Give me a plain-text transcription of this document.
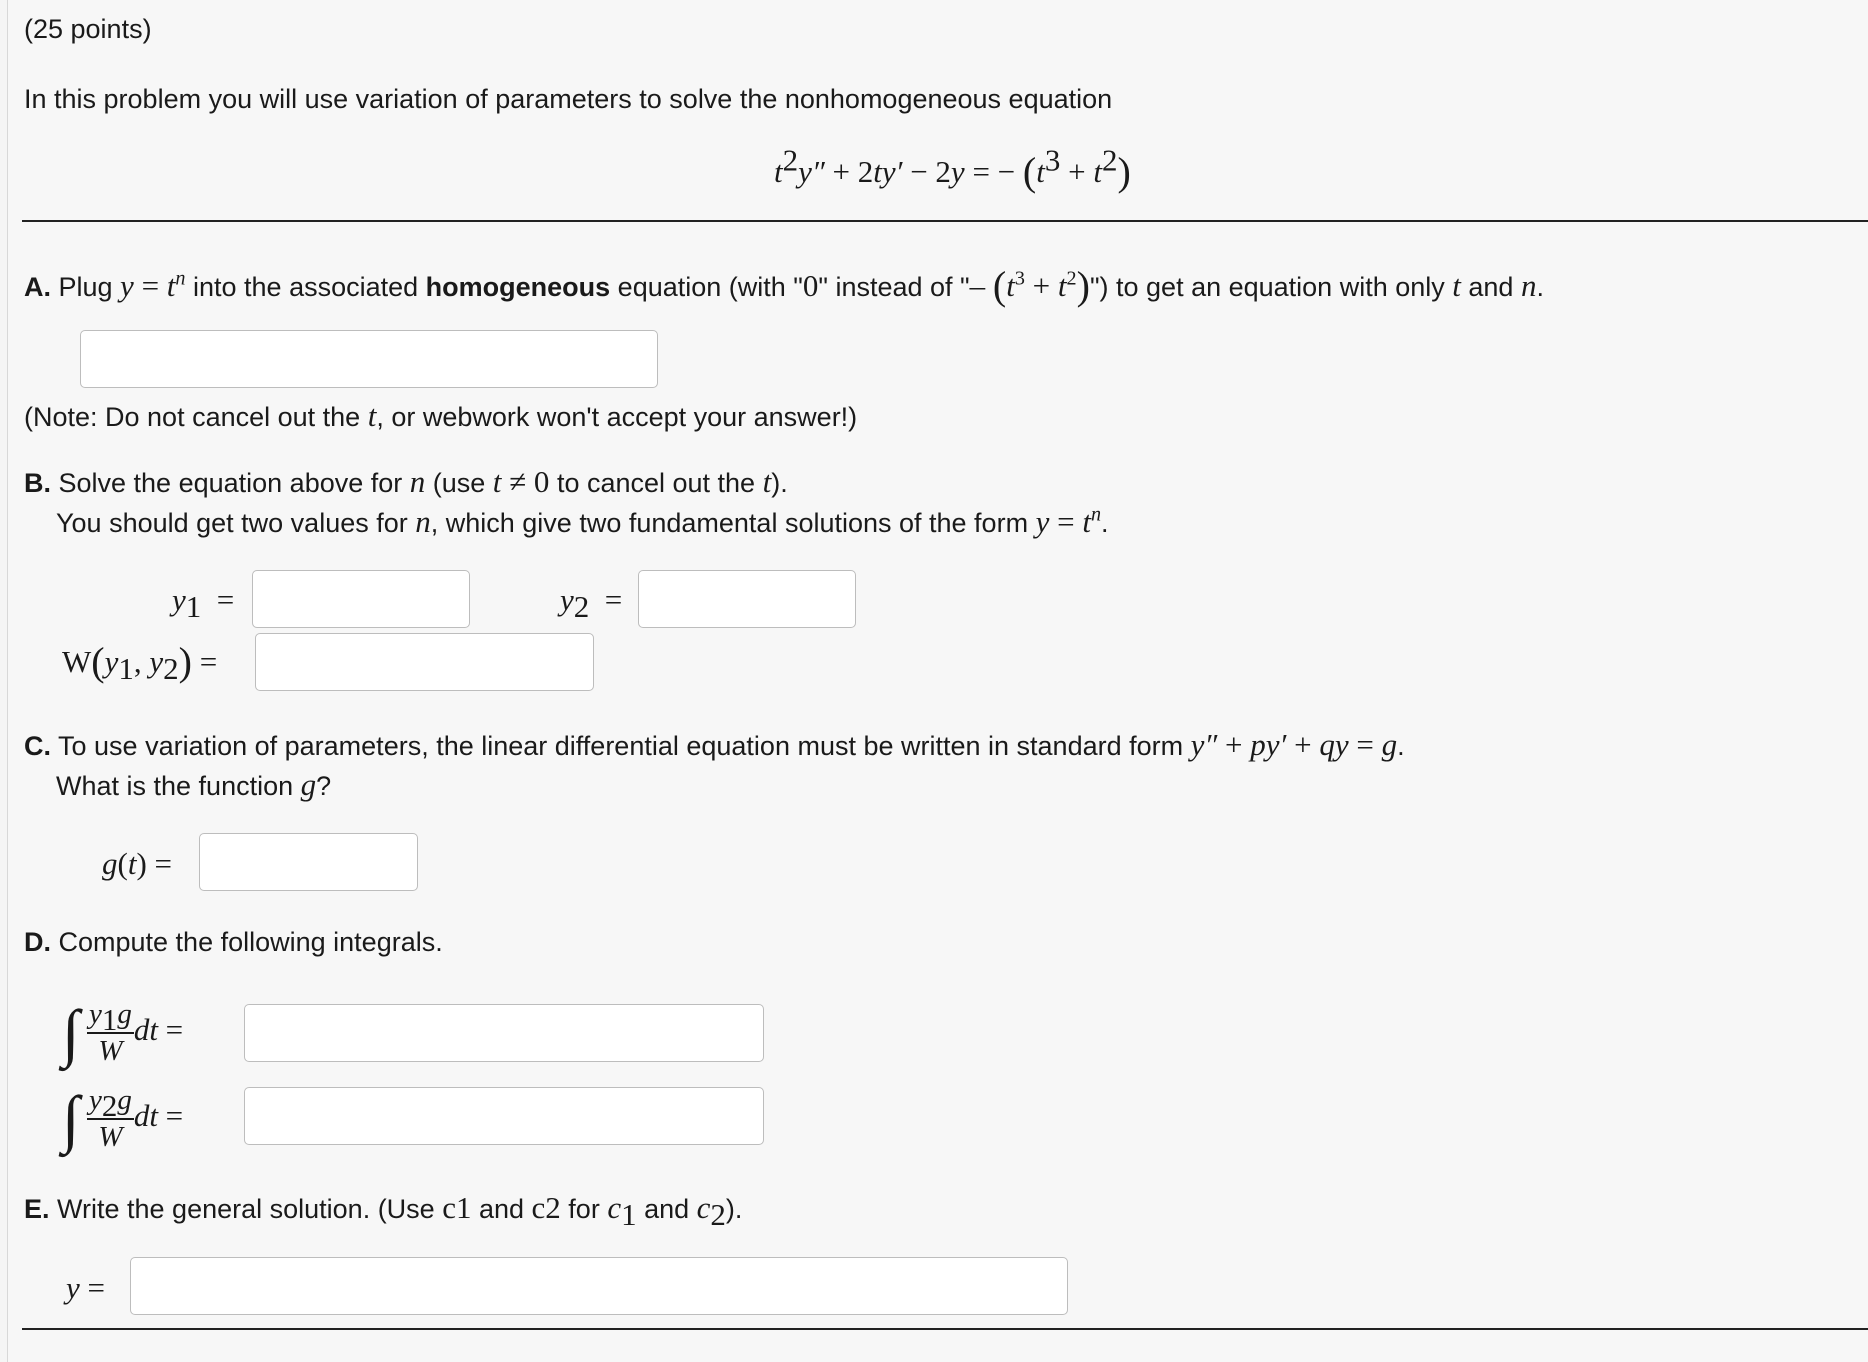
(25 points)
In this problem you will use variation of parameters to solve the nonhomogeneous equation
$t^2y'' + 2ty' - 2y$ = − $(t^3 + t^2)$
A. Plug $y = t^n$ into the associated homogeneous equation (with "0" instead of "– ($t^3$ + $t^2$)") to get an equation with only t and n.
(Note: Do not cancel out the t, or webwork won't accept your answer!)
B. Solve the equation above for n (use t ≠ 0 to cancel out the t).
You should get two values for n, which give two fundamental solutions of the form $y = t^n$.
$y_1$  =	$y_2$  =
$W(y_1$, $y_2$) =
C. To use variation of parameters, the linear differential equation must be written in standard form y″ + py′ + qy = g.
What is the function g?
g(t) =
D. Compute the following integrals.
∫ $\frac{y_1g}{W}$ dt =
∫ $\frac{y_2g}{W}$ dt =
E. Write the general solution. (Use c1 and c2 for $c_1$ and $c_2$).
y =
